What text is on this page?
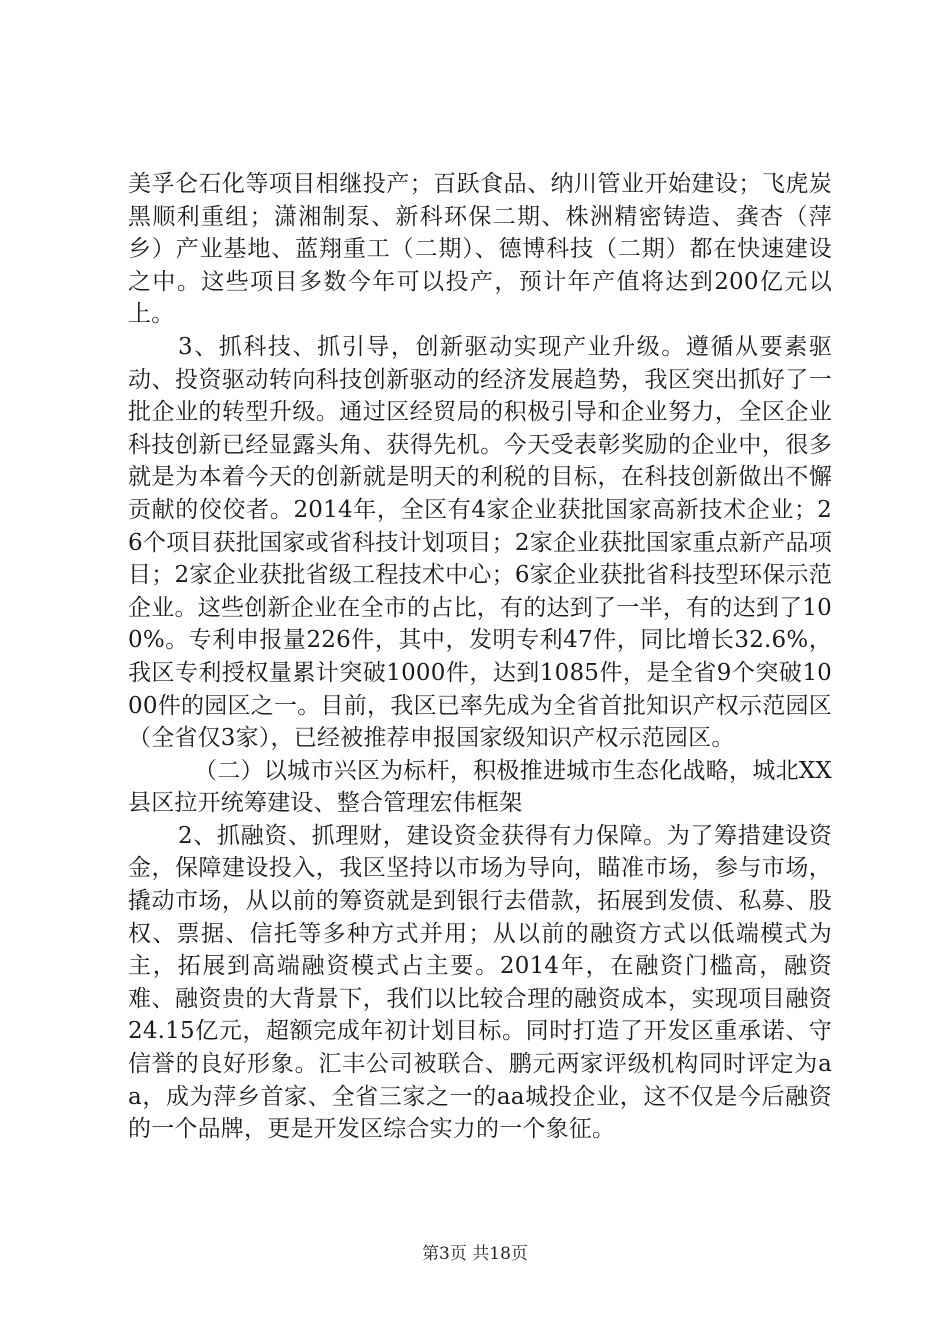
美孚仑石化等项目相继投产；百跃食品、纳川管业开始建设；飞虎炭黑顺利重组；潇湘制泵、新科环保二期、株洲精密铸造、龚杏（萍乡）产业基地、蓝翔重工（二期）、德博科技（二期）都在快速建设之中。这些项目多数今年可以投产，预计年产值将达到200亿元以上。

3、抓科技、抓引导，创新驱动实现产业升级。遵循从要素驱动、投资驱动转向科技创新驱动的经济发展趋势，我区突出抓好了一批企业的转型升级。通过区经贸局的积极引导和企业努力，全区企业科技创新已经显露头角、获得先机。今天受表彰奖励的企业中，很多就是为本着今天的创新就是明天的利税的目标，在科技创新做出不懈贡献的佼佼者。2014年，全区有4家企业获批国家高新技术企业；26个项目获批国家或省科技计划项目；2家企业获批国家重点新产品项目；2家企业获批省级工程技术中心；6家企业获批省科技型环保示范企业。这些创新企业在全市的占比，有的达到了一半，有的达到了100%。专利申报量226件，其中，发明专利47件，同比增长32.6%，我区专利授权量累计突破1000件，达到1085件，是全省9个突破1000件的园区之一。目前，我区已率先成为全省首批知识产权示范园区（全省仅3家），已经被推荐申报国家级知识产权示范园区。

（二）以城市兴区为标杆，积极推进城市生态化战略，城北XX县区拉开统筹建设、整合管理宏伟框架

2、抓融资、抓理财，建设资金获得有力保障。为了筹措建设资金，保障建设投入，我区坚持以市场为导向，瞄准市场，参与市场，撬动市场，从以前的筹资就是到银行去借款，拓展到发债、私募、股权、票据、信托等多种方式并用；从以前的融资方式以低端模式为主，拓展到高端融资模式占主要。2014年，在融资门槛高，融资难、融资贵的大背景下，我们以比较合理的融资成本，实现项目融资24.15亿元，超额完成年初计划目标。同时打造了开发区重承诺、守信誉的良好形象。汇丰公司被联合、鹏元两家评级机构同时评定为aa，成为萍乡首家、全省三家之一的aa城投企业，这不仅是今后融资的一个品牌，更是开发区综合实力的一个象征。

第3页 共18页
